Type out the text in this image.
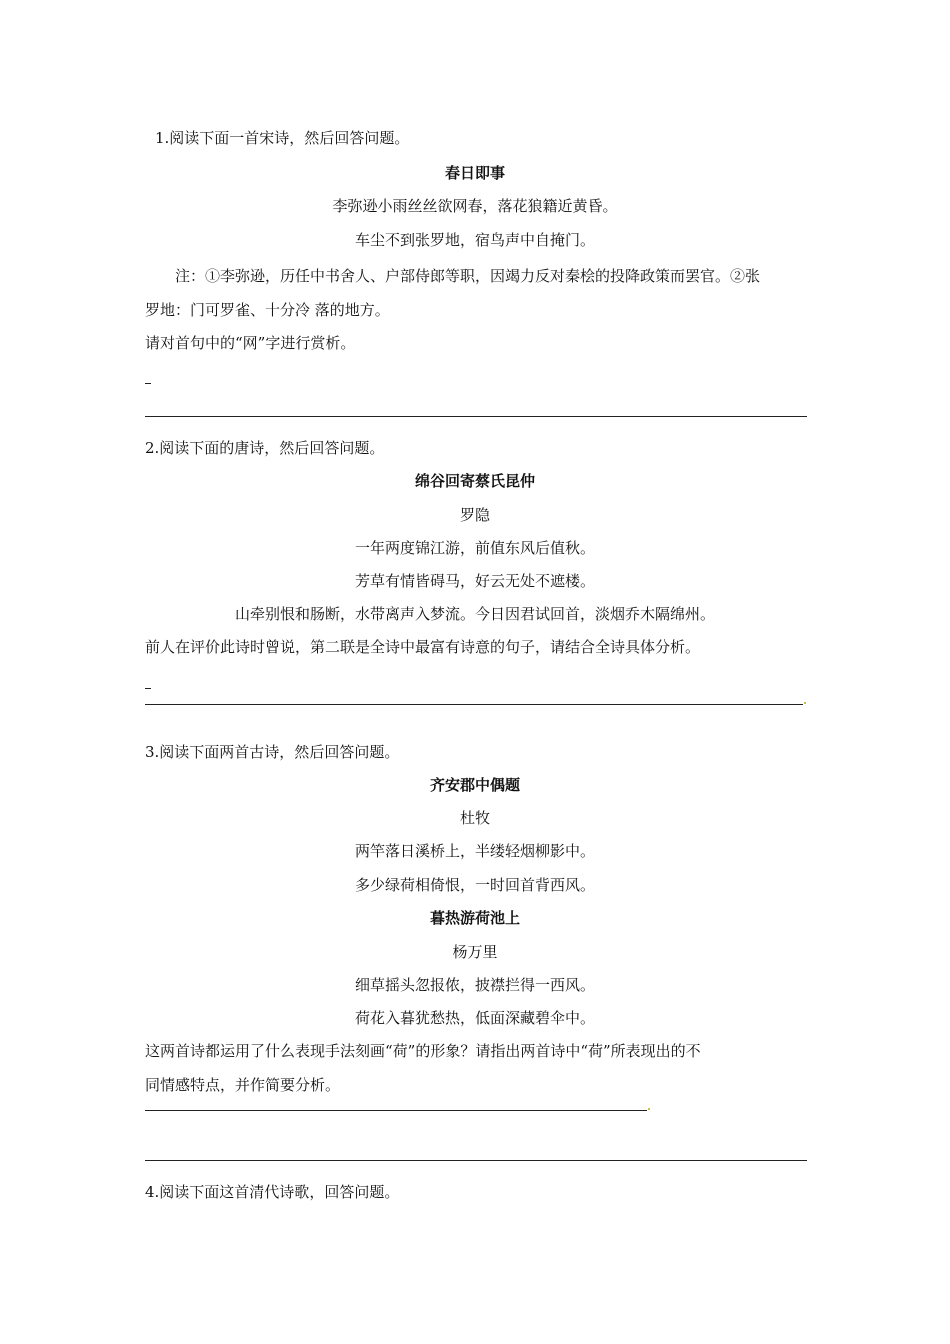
1.阅读下面一首宋诗，然后回答问题。
春日即事
李弥逊小雨丝丝欲网春，落花狼籍近黄昏。
车尘不到张罗地，宿鸟声中自掩门。
注：①李弥逊，历任中书舍人、户部侍郎等职，因竭力反对秦桧的投降政策而罢官。②张
罗地：门可罗雀、十分冷 落的地方。
请对首句中的“网”字进行赏析。
2.阅读下面的唐诗，然后回答问题。
绵谷回寄蔡氏昆仲
罗隐
一年两度锦江游，前值东风后值秋。
芳草有情皆碍马，好云无处不遮楼。
山牵别恨和肠断，水带离声入梦流。今日因君试回首，淡烟乔木隔绵州。
前人在评价此诗时曾说，第二联是全诗中最富有诗意的句子，请结合全诗具体分析。
3.阅读下面两首古诗，然后回答问题。
齐安郡中偶题
杜牧
两竿落日溪桥上，半缕轻烟柳影中。
多少绿荷相倚恨，一时回首背西风。
暮热游荷池上
杨万里
细草摇头忽报侬，披襟拦得一西风。
荷花入暮犹愁热，低面深藏碧伞中。
这两首诗都运用了什么表现手法刻画“荷”的形象？请指出两首诗中“荷”所表现出的不
同情感特点，并作简要分析。
4.阅读下面这首清代诗歌，回答问题。
